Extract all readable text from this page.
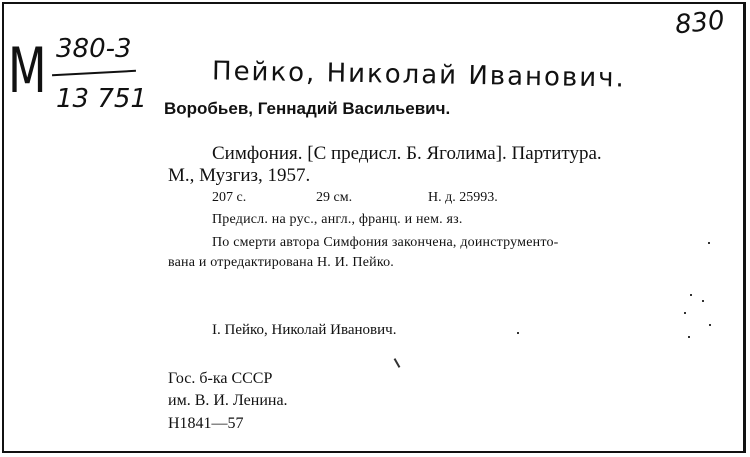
830
М 380-3
13 751
Пейко, Николай Иванович.
Воробьев, Геннадий Васильевич.
Симфония. [С предисл. Б. Яголима]. Партитура.
М., Музгиз, 1957.
207 с.	29 см.	Н. д. 25993.
Предисл. на рус., англ., франц. и нем. яз.
По смерти автора Симфония закончена, доинструменто-
вана и отредактирована Н. И. Пейко.
I. Пейко, Николай Иванович.
Гос. б-ка СССР
им. В. И. Ленина.
Н1841—57
